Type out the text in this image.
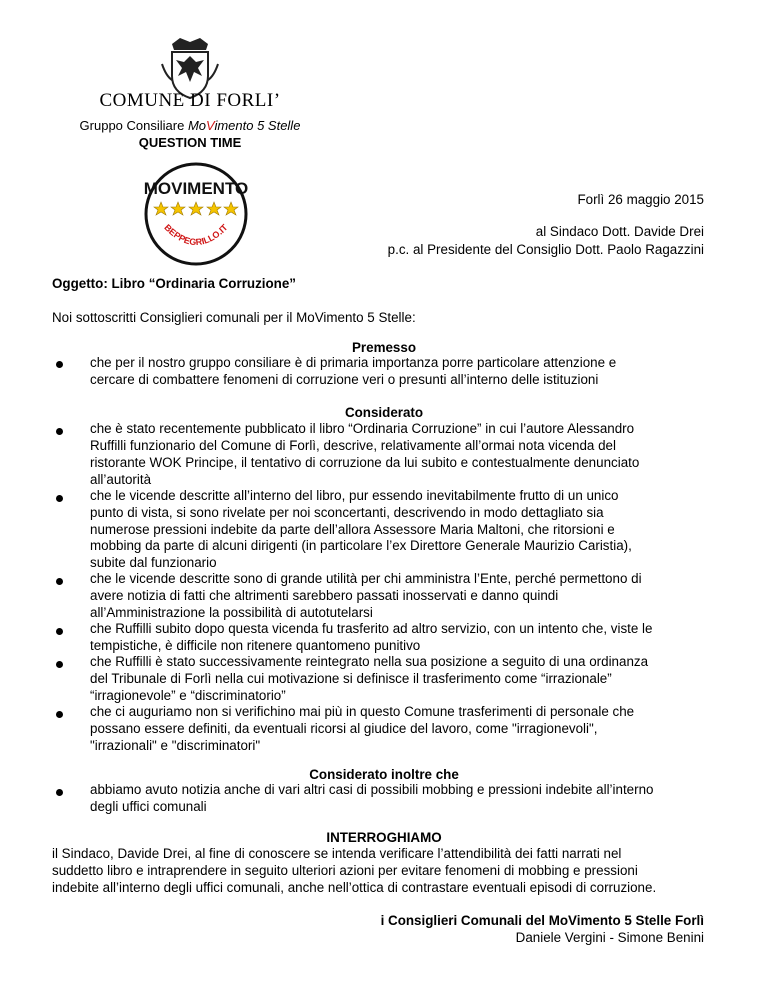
COMUNE DI FORLI’
Gruppo Consiliare MoVimento 5 Stelle
QUESTION TIME
MOVIMENTO
BEPPEGRILLO.IT
Forlì 26 maggio 2015
al Sindaco Dott. Davide Drei
p.c. al Presidente del Consiglio Dott. Paolo Ragazzini
Oggetto: Libro “Ordinaria Corruzione”
Noi sottoscritti Consiglieri comunali per il MoVimento 5 Stelle:
Premesso
che per il nostro gruppo consiliare è di primaria importanza porre particolare attenzione e
cercare di combattere fenomeni di corruzione veri o presunti all’interno delle istituzioni
Considerato
che è stato recentemente pubblicato il libro “Ordinaria Corruzione” in cui l’autore Alessandro
Ruffilli funzionario del Comune di Forlì, descrive, relativamente all’ormai nota vicenda del
ristorante WOK Principe, il tentativo di corruzione da lui subito e contestualmente denunciato
all’autorità
che le vicende descritte all’interno del libro, pur essendo inevitabilmente frutto di un unico
punto di vista, si sono rivelate per noi sconcertanti, descrivendo in modo dettagliato sia
numerose pressioni indebite da parte dell’allora Assessore Maria Maltoni, che ritorsioni e
mobbing da parte di alcuni dirigenti (in particolare l’ex Direttore Generale Maurizio Caristia),
subite dal funzionario
che le vicende descritte sono di grande utilità per chi amministra l’Ente, perché permettono di
avere notizia di fatti che altrimenti sarebbero passati inosservati e danno quindi
all’Amministrazione la possibilità di autotutelarsi
che Ruffilli subito dopo questa vicenda fu trasferito ad altro servizio, con un intento che, viste le
tempistiche, è difficile non ritenere quantomeno punitivo
che Ruffilli è stato successivamente reintegrato nella sua posizione a seguito di una ordinanza
del Tribunale di Forlì nella cui motivazione si definisce il trasferimento come “irrazionale”
“irragionevole” e “discriminatorio”
che ci auguriamo non si verifichino mai più in questo Comune trasferimenti di personale che
possano essere definiti, da eventuali ricorsi al giudice del lavoro, come "irragionevoli",
"irrazionali" e "discriminatori"
Considerato inoltre che
abbiamo avuto notizia anche di vari altri casi di possibili mobbing e pressioni indebite all’interno
degli uffici comunali
INTERROGHIAMO
il Sindaco, Davide Drei, al fine di conoscere se intenda verificare l’attendibilità dei fatti narrati nel
suddetto libro e intraprendere in seguito ulteriori azioni per evitare fenomeni di mobbing e pressioni
indebite all’interno degli uffici comunali, anche nell’ottica di contrastare eventuali episodi di corruzione.
i Consiglieri Comunali del MoVimento 5 Stelle Forlì
Daniele Vergini - Simone Benini
